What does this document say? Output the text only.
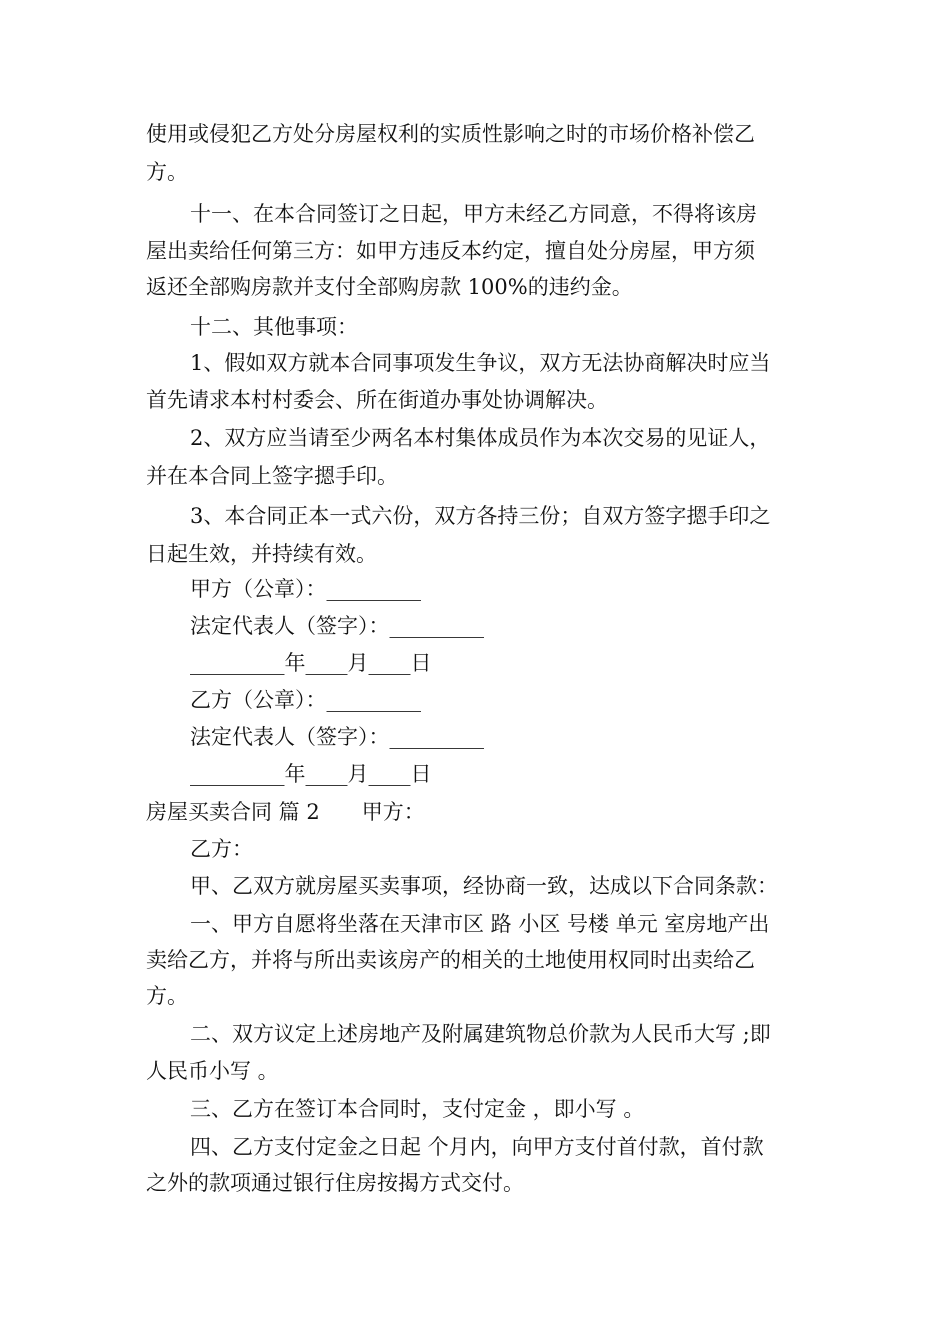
使用或侵犯乙方处分房屋权利的实质性影响之时的市场价格补偿乙
方。
十一、在本合同签订之日起，甲方未经乙方同意，不得将该房
屋出卖给任何第三方：如甲方违反本约定，擅自处分房屋，甲方须
返还全部购房款并支付全部购房款 100%的违约金。
十二、其他事项：
1、假如双方就本合同事项发生争议，双方无法协商解决时应当
首先请求本村村委会、所在街道办事处协调解决。
2、双方应当请至少两名本村集体成员作为本次交易的见证人，
并在本合同上签字摁手印。
3、本合同正本一式六份，双方各持三份；自双方签字摁手印之
日起生效，并持续有效。
甲方（公章）：_________
法定代表人（签字）：_________
_________年____月____日
乙方（公章）：_________
法定代表人（签字）：_________
_________年____月____日
房屋买卖合同 篇 2 甲方：
乙方：
甲、乙双方就房屋买卖事项，经协商一致，达成以下合同条款：
一、甲方自愿将坐落在天津市区 路 小区 号楼 单元 室房地产出
卖给乙方，并将与所出卖该房产的相关的土地使用权同时出卖给乙
方。
二、双方议定上述房地产及附属建筑物总价款为人民币大写 ;即
人民币小写 。
三、乙方在签订本合同时，支付定金 ，即小写 。
四、乙方支付定金之日起 个月内，向甲方支付首付款，首付款
之外的款项通过银行住房按揭方式交付。
